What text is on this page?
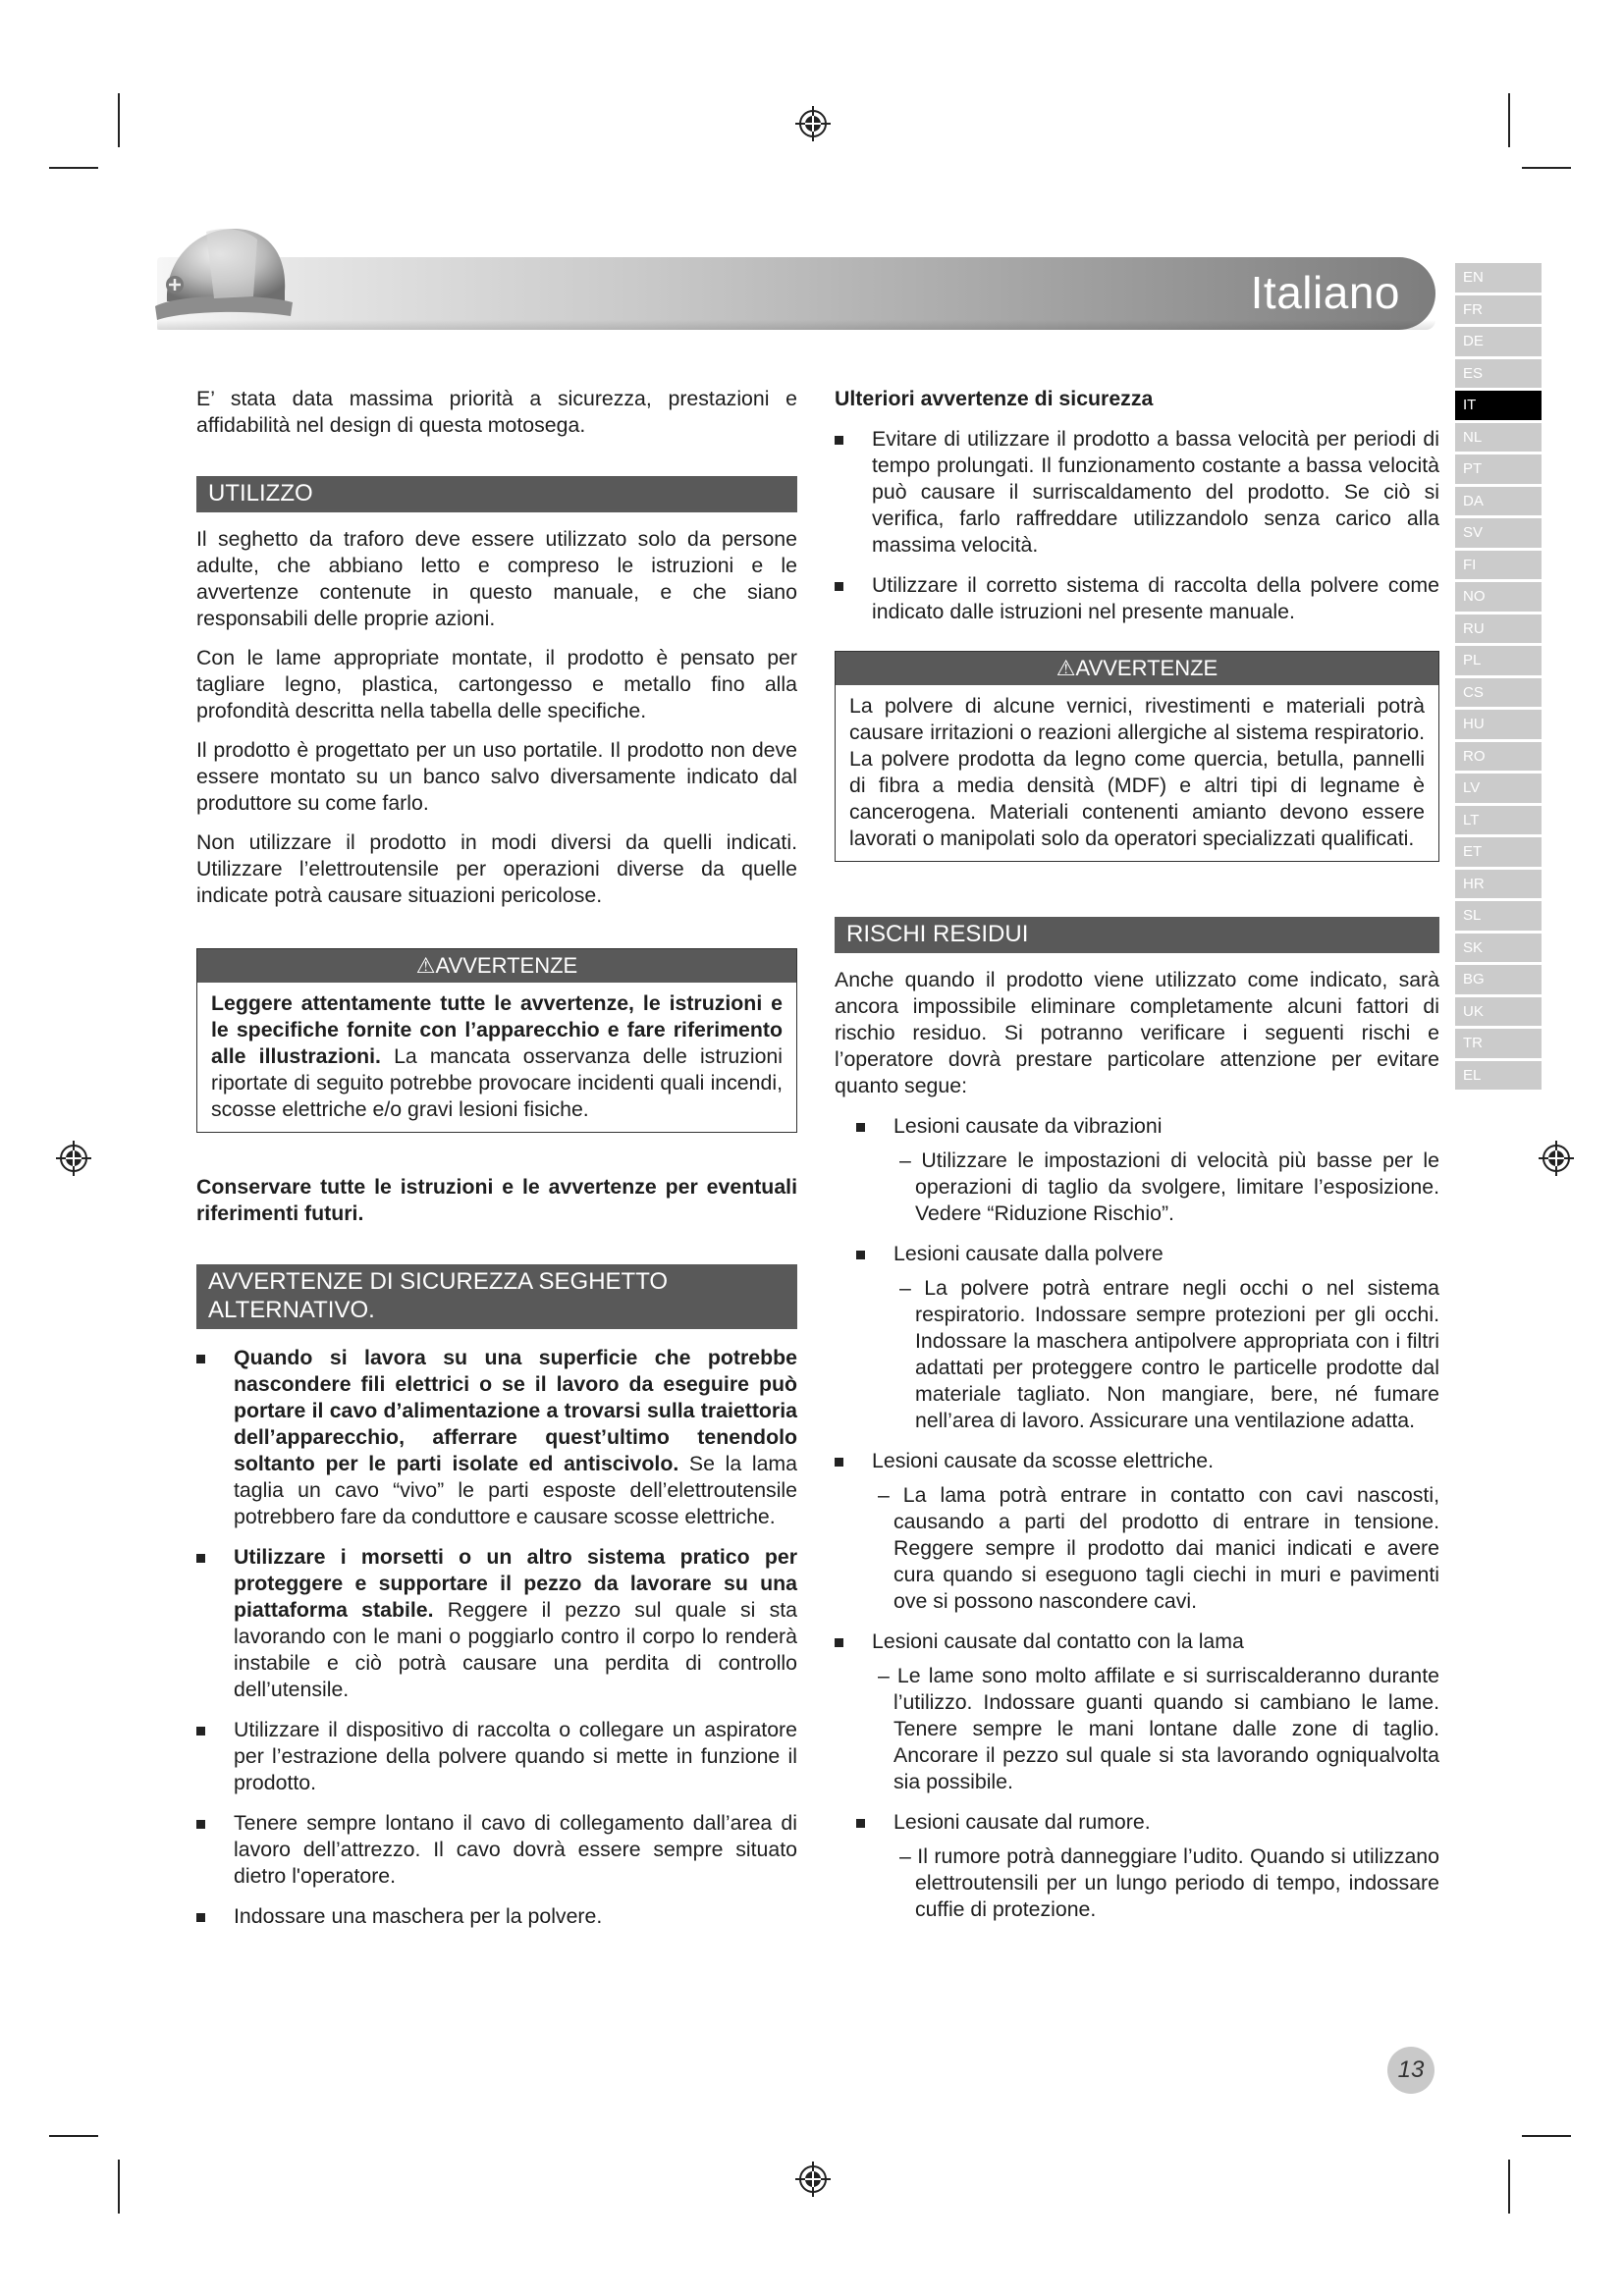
Italiano	EN
FR
DE
ES
IT
NL
PT
DA
SV
FI
NO
RU
PL
CS
HU
RO
LV
LT
ET
HR
SL
SK
BG
UK
TR
EL

E’ stata data massima priorità a sicurezza, prestazioni e affidabilità nel design di questa motosega.

UTILIZZO

Il seghetto da traforo deve essere utilizzato solo da persone adulte, che abbiano letto e compreso le istruzioni e le avvertenze contenute in questo manuale, e che siano responsabili delle proprie azioni.

Con le lame appropriate montate, il prodotto è pensato per tagliare legno, plastica, cartongesso e metallo fino alla profondità descritta nella tabella delle specifiche.

Il prodotto è progettato per un uso portatile. Il prodotto non deve essere montato su un banco salvo diversamente indicato dal produttore su come farlo.

Non utilizzare il prodotto in modi diversi da quelli indicati. Utilizzare l’elettroutensile per operazioni diverse da quelle indicate potrà causare situazioni pericolose.

⚠AVVERTENZE
Leggere attentamente tutte le avvertenze, le istruzioni e le specifiche fornite con l’apparecchio e fare riferimento alle illustrazioni. La mancata osservanza delle istruzioni riportate di seguito potrebbe provocare incidenti quali incendi, scosse elettriche e/o gravi lesioni fisiche.

Conservare tutte le istruzioni e le avvertenze per eventuali riferimenti futuri.

AVVERTENZE DI SICUREZZA SEGHETTO ALTERNATIVO.
Quando si lavora su una superficie che potrebbe nascondere fili elettrici o se il lavoro da eseguire può portare il cavo d’alimentazione a trovarsi sulla traiettoria dell’apparecchio, afferrare quest’ultimo tenendolo soltanto per le parti isolate ed antiscivolo. Se la lama taglia un cavo “vivo” le parti esposte dell’elettroutensile potrebbero fare da conduttore e causare scosse elettriche.
Utilizzare i morsetti o un altro sistema pratico per proteggere e supportare il pezzo da lavorare su una piattaforma stabile. Reggere il pezzo sul quale si sta lavorando con le mani o poggiarlo contro il corpo lo renderà instabile e ciò potrà causare una perdita di controllo dell’utensile.
Utilizzare il dispositivo di raccolta o collegare un aspiratore per l’estrazione della polvere quando si mette in funzione il prodotto.
Tenere sempre lontano il cavo di collegamento dall’area di lavoro dell’attrezzo. Il cavo dovrà essere sempre situato dietro l'operatore.
Indossare una maschera per la polvere.

Ulteriori avvertenze di sicurezza

Evitare di utilizzare il prodotto a bassa velocità per periodi di tempo prolungati. Il funzionamento costante a bassa velocità può causare il surriscaldamento del prodotto. Se ciò si verifica, farlo raffreddare utilizzandolo senza carico alla massima velocità.
Utilizzare il corretto sistema di raccolta della polvere come indicato dalle istruzioni nel presente manuale.
⚠AVVERTENZE
La polvere di alcune vernici, rivestimenti e materiali potrà causare irritazioni o reazioni allergiche al sistema respiratorio. La polvere prodotta da legno come quercia, betulla, pannelli di fibra a media densità (MDF) e altri tipi di legname è cancerogena. Materiali contenenti amianto devono essere lavorati o manipolati solo da operatori specializzati qualificati.
RISCHI RESIDUI

Anche quando il prodotto viene utilizzato come indicato, sarà ancora impossibile eliminare completamente alcuni fattori di rischio residuo. Si potranno verificare i seguenti rischi e l’operatore dovrà prestare particolare attenzione per evitare quanto segue:

Lesioni causate da vibrazioni
– Utilizzare le impostazioni di velocità più basse per le operazioni di taglio da svolgere, limitare l’esposizione. Vedere “Riduzione Rischio”.
Lesioni causate dalla polvere
– La polvere potrà entrare negli occhi o nel sistema respiratorio. Indossare sempre protezioni per gli occhi. Indossare la maschera antipolvere appropriata con i filtri adattati per proteggere contro le particelle prodotte dal materiale tagliato. Non mangiare, bere, né fumare nell’area di lavoro. Assicurare una ventilazione adatta.
Lesioni causate da scosse elettriche.
– La lama potrà entrare in contatto con cavi nascosti, causando a parti del prodotto di entrare in tensione. Reggere sempre il prodotto dai manici indicati e avere cura quando si eseguono tagli ciechi in muri e pavimenti ove si possono nascondere cavi.
Lesioni causate dal contatto con la lama
– Le lame sono molto affilate e si surriscalderanno durante l’utilizzo. Indossare guanti quando si cambiano le lame. Tenere sempre le mani lontane dalle zone di taglio. Ancorare il pezzo sul quale si sta lavorando ogniqualvolta sia possibile.
Lesioni causate dal rumore.
– Il rumore potrà danneggiare l’udito. Quando si utilizzano elettroutensili per un lungo periodo di tempo, indossare cuffie di protezione.
13
